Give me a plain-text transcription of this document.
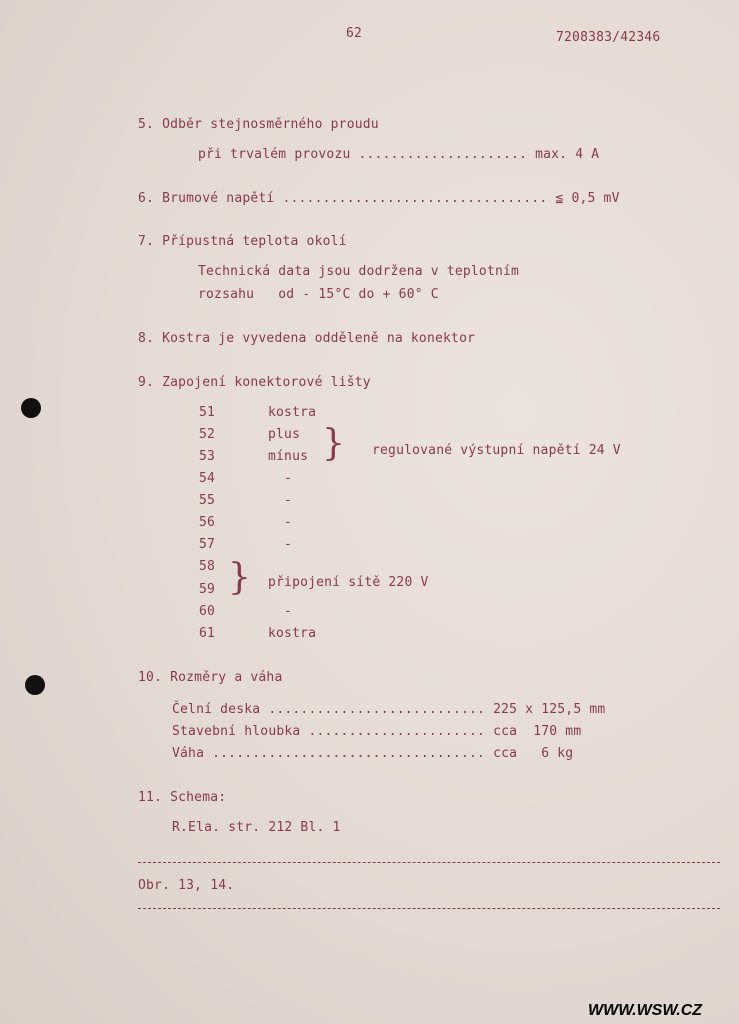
62	7208383/42346
5. Odběr stejnosměrného proudu
při trvalém provozu ..................... max. 4 A
6. Brumové napětí ................................. ≦ 0,5 mV
7. Přípustná teplota okolí
Technická data jsou dodržena v teplotním
rozsahu   od - 15°C do + 60° C
8. Kostra je vyvedena odděleně na konektor
9. Zapojení konektorové lišty
51	kostra
52	plus
53	mínus } regulované výstupní napětí 24 V
54	-
55	-
56	-
57	-
58
59 } připojení sítě 220 V
60	-
61	kostra
10. Rozměry a váha
Čelní deska ........................... 225 x 125,5 mm
Stavební hloubka ...................... cca  170 mm
Váha .................................. cca   6 kg
11. Schema:
R.Ela. str. 212 Bl. 1
Obr. 13, 14.
WWW.WSW.CZ
